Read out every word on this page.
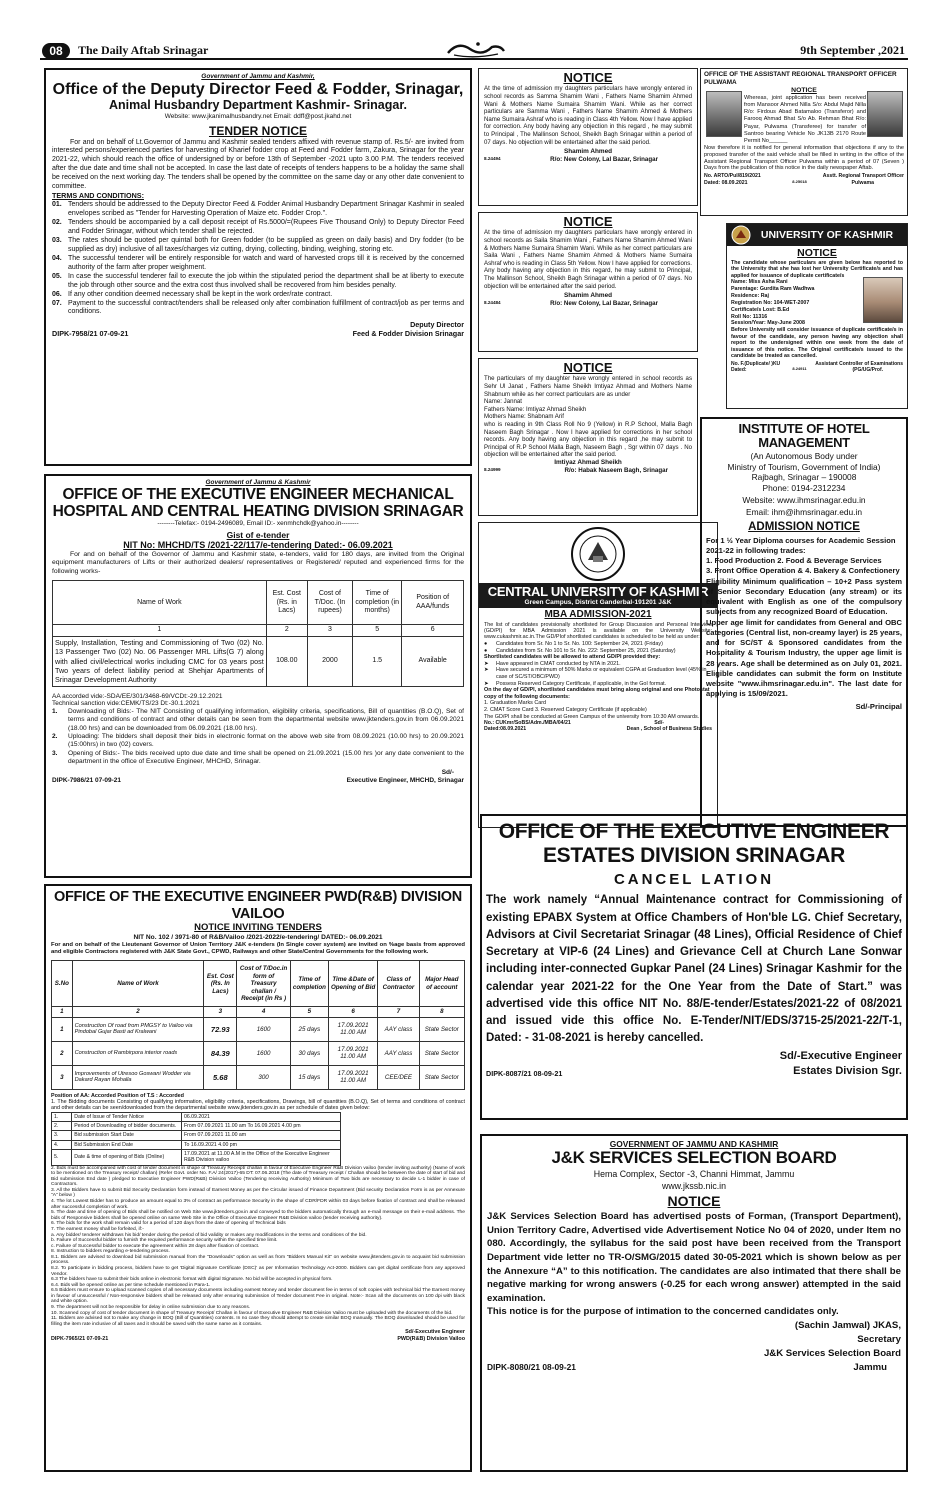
08	The Daily Aftab Srinagar	9th September ,2021
Government of Jammu and Kashmir,
Office of the Deputy Director Feed & Fodder, Srinagar,
Animal Husbandry Department Kashmir- Srinagar.
Website: www.jkanimalhusbandry.net Email: ddff@post.jkahd.net
TENDER NOTICE
For and on behalf of Lt.Governor of Jammu and Kashmir sealed tenders affixed with revenue stamp of. Rs.5/- are invited from interested persons/experienced parties for harvesting of Kharief fodder crop at Feed and Fodder farm, Zakura, Srinagar for the year 2021-22, which should reach the office of undersigned by or before 13th of September -2021 upto 3.00 P.M. The tenders received after the due date and time shall not be accepted. In case the last date of receipts of tenders happens to be a holiday the same shall be received on the next working day. The tenders shall be opened by the committee on the same day or any other date convenient to committee.
TERMS AND CONDITIONS:
01. Tenders should be addressed to the Deputy Director Feed & Fodder Animal Husbandry Department Srinagar Kashmir in sealed envelopes scribed as "Tender for Harvesting Operation of Maize etc. Fodder Crop.".
02. Tenders should be accompanied by a call deposit receipt of Rs.5000/=(Rupees Five Thousand Only) to Deputy Director Feed and Fodder Srinagar, without which tender shall be rejected.
03. The rates should be quoted per quintal both for Green fodder (to be supplied as green on daily basis) and Dry fodder (to be supplied as dry) inclusive of all taxes/charges viz cutting, drying, collecting, binding, weighing, storing etc.
04. The successful tenderer will be entirely responsible for watch and ward of harvested crops till it is received by the concerned authority of the farm after proper weighment.
05. In case the successful tenderer fail to execute the job within the stipulated period the department shall be at liberty to execute the job through other source and the extra cost thus involved shall be recovered from him besides penalty.
06. If any other condition deemed necessary shall be kept in the work order/rate contract.
07. Payment to the successful contract/tenders shall be released only after combination fulfillment of contract/job as per terms and conditions.
Deputy Director
DIPK-7958/21 07-09-21	Feed & Fodder Division Srinagar
Government of Jammu & Kashmir
OFFICE OF THE EXECUTIVE ENGINEER MECHANICAL
HOSPITAL AND CENTRAL HEATING DIVISION SRINAGAR
--------Telefax:- 0194-2496089, Email ID:- xenmhchdk@yahoo.in--------
Gist of e-tender
NIT No: MHCHD/TS /2021-22/117/e-tendering Dated:- 06.09.2021
For and on behalf of the Governor of Jammu and Kashmir state, e-tenders, valid for 180 days, are invited from the Original equipment manufacturers of Lifts or their authorized dealers/ representatives or Registered/ reputed and experienced firms for the following works-
Name of Work	Est. Cost (Rs. in Lacs)	Cost of T/Doc. (In rupees)	Time of completion (in months)	Position of AAA/funds
1	2	3	5	6
Supply, Installation, Testing and Commissioning of Two (02) No. 13 Passenger Two (02) No. 06 Passenger MRL Lifts(G 7) along with allied civil/electrical works including CMC for 03 years post Two years of defect liability period at Shehjar Apartments of Srinagar Development Authority	108.00	2000	1.5	Available
AA accorded vide:-SDA/EE/301/3468-69/VCDt:-29.12.2021
Technical sanction vide:CEMK/TS/23 Dt:-30.1.2021
1.	Downloading of Bids:- The NIT Consisting of qualifying information, eligibility criteria, specifications, Bill of quantities (B.O.Q), Set of terms and conditions of contract and other details can be seen from the departmental website www.jktenders.gov.in from 06.09.2021 (18.00 hrs) and can be downloaded from 06.09.2021 (18.00 hrs).
2.	Uploading: The bidders shall deposit their bids in electronic format on the above web site from 08.09.2021 (10.00 hrs) to 20.09.2021 (15:00hrs) in two (02) covers.
3.	Opening of Bids:- The bids received upto due date and time shall be opened on 21.09.2021 (15.00 hrs )or any date convenient to the department in the office of Executive Engineer, MHCHD, Srinagar.
Sd/-
DIPK-7986/21 07-09-21	Executive Engineer, MHCHD, Srinagar
OFFICE OF THE EXECUTIVE ENGINEER PWD(R&B) DIVISION VAILOO
NOTICE INVITING TENDERS
NIT No. 102 / 3971-80 of R&B/Vailoo /2021-2022/e-tendering/ DATED:- 06.09.2021
For and on behalf of the Lieutenant Governor of Union Territory J&K e-tenders (In Single cover system) are invited on %age basis from approved and eligible Contractors registered with J&K State Govt., CPWD, Railways and other State/Central Governments for the following work.
S.No	Name of Work	Est. Cost (Rs. In Lacs)	Cost of T/Doc.in form of Treasury challan / Receipt (in Rs )	Time of completion	Time &Date of Opening of Bid	Class of Contractor	Major Head of account
1	2	3	4	5	6	7	8
1	Construction Of road from PMGSY to Vailoo via Pindobal Gujar Basti ad Kralwani	72.93	1600	25 days	17.09.2021 11.00 AM	AAY class	State Sector
2	Construction of Rambirpora interior roads	84.39	1600	30 days	17.09.2021 11.00 AM	AAY class	State Sector
3	Improvements of Utresoo Goswani Wodder via Dakard Rayan Mohalla	5.68	300	15 days	17.09.2021 11.00 AM	CEE/DEE	State Sector
Position of AA: Accorded Position of T.S : Accorded
1. The Bidding documents Consisting of qualifying information, eligibility criteria, specifications, Drawings, bill of quantities (B.O.Q), Set of terms and conditions of contract and other details can be seen/downloaded from the departmental website www.jktenders.gov.in as per schedule of dates given below:
1.	Date of Issue of Tender Notice	06.09.2021
2.	Period of Downloading of bidder documents.	From 07.09.2021 11.00 am To 16.09.2021 4.00 pm
3.	Bid submission Start Date	From 07.09.2021 11.00 am
4.	Bid Submission End Date	To 16.09.2021 4.00 pm
5.	Date & time of opening of Bids (Online)	17.09.2021 at 11.00 A.M in the Office of the Executive Engineer R&B Division vailoo
2. Bids must be accompanied with cost of tender document in shape of Treasury Receipt/ challan in favour of Executive Engineer R&B Division vailoo (tender inviting authority) (Name of work to be mentioned on the Treasury receipt/ challan) (Refer Govt. order No. F.A/ 24(2017)-65 DT: 07.06.2018 (The date of Treasury receipt / Challan should be between the date of start of bid and Bid submission End date ) pledged to Executive Engineer PWD(R&B) Division Vailoo (Tendering receiving Authority) Minimum of Two bids are necessary to decide L-1 bidder in case of Contractors.
3. All the Bidders have to submit Bid Security Declaration form instead of Earnest Money as per the Circular issued of Finance Department (Bid security Declaration Form is as per Annexure "A" below )
4. The lot Lowest Bidder has to produce an amount equal to 3% of contract as performance Security in the shape of CDR/FDR within 03 days before fixation of contract and shall be released after successful completion of work.
5. The date and time of opening of Bids shall be notified on Web Site www.jktenders.gov.in and conveyed to the bidders automatically through an e-mail message on their e-mail address. The bids of Responsive bidders shall be opened online on same Web Site in the Office of Executive Engineer R&B Division vailoo (tender receiving authority).
6. The bids for the work shall remain valid for a period of 120 days from the date of opening of Technical bids
7. The earnest money shall be forfeited, if:-
a. Any bidder/ tenderer withdraws his bid/ tender during the period of bid validity or makes any modifications in the terms and conditions of the bid.
b. Failure of Successful bidder to furnish the required performance security within the specified time limit.
c. Failure of Successful bidder to execute the agreement within 28 days after fixation of contract.
8. Instruction to bidders regarding e-tendering process.
8.1. Bidders are advised to download bid submission manual from the "Downloads" option as well as from "Bidders Manual Kit" on website www.jktenders.gov.in to acquaint bid submission process.
8.2. To participate in bidding process, bidders have to get 'Digital Signature Certificate (DSC)' as per Information Technology Act-2000. Bidders can get digital certificate from any approved Vendor.
6.3 The bidders have to submit their bids online in electronic format with digital Signature. No bid will be accepted in physical form.
6.4. Bids will be opened online as per time schedule mentioned in Para-1.
6.5 Bidders must ensure to upload scanned copies of all necessary documents including earnest Money and tender document fee in terms of soft copies with technical bid The Earnest money in favour of unsuccessful / Non-responsive bidders shall be released only after ensuring submission of Tender document Fee in original. Note:- Scan all the documents on 100 dpi with black and white option.
9. The department will not be responsible for delay in online submission due to any reasons.
10. Scanned copy of cost of tender document in shape of Treasury Receipt/ Challan in favour of Executive Engineer R&B Division Vailoo must be uploaded with the documents of the bid.
11. Bidders are advised not to make any change in BOQ (Bill of Quantities) contents. In no case they should attempt to create similar BOQ manually. The BOQ downloaded should be used for filling the item rate inclusive of all taxes and it should be saved with the same name as it contains.
Sd/-Executive Engineer
DIPK-7965/21 07-09-21	PWD(R&B) Division Vailoo
NOTICE
At the time of admission my daughters particulars have wrongly entered in school records as Samma Shamim Wani , Fathers Name Shamim Ahmed Wani & Mothers Name Sumaira Shamim Wani. While as her correct particulars are Samma Wani , Fathers Name Shamim Ahmed & Mothers Name Sumaira Ashraf who is reading in Class 4th Yellow. Now I have applied for correction. Any body having any objection in this regard , he may submit to Principal , The Mallinson School, Sheikh Bagh Srinagar within a period of 07 days. No objection will be entertained after the said period.
Shamim Ahmed
8.24494	R/o: New Colony, Lal Bazar, Srinagar
NOTICE
At the time of admission my daughters particulars have wrongly entered in school records as Saila Shamim Wani , Fathers Name Shamim Ahmed Wani & Mothers Name Sumaira Shamim Wani. While as her correct particulars are Saila Wani , Fathers Name Shamim Ahmed & Mothers Name Sumaira Ashraf who is reading in Class 5th Yellow. Now I have applied for corrections. Any body having any objection in this regard, he may submit to Principal, The Mallinson School, Sheikh Bagh Srinagar within a period of 07 days. No objection will be entertained after the said period.
Shamim Ahmed
8.24484	R/o: New Colony, Lal Bazar, Srinagar
NOTICE
The particulars of my daughter have wrongly entered in school records as Sehr Ul Janat , Fathers Name Sheikh Imtiyaz Ahmad and Mothers Name Shabnum while as her correct particulars are as under
Name: Jannat
Fathers Name: Imtiyaz Ahmad Sheikh
Mothers Name: Shabnam Arif
who is reading in 9th Class Roll No 9 (Yellow) in R.P School, Malla Bagh Naseem Bagh Srinagar . Now I have applied for corrections in her school records. Any body having any objection in this regard ,he may submit to Principal of R.P School Malla Bagh, Naseem Bagh , Sgr within 07 days . No objection will be entertained after the said period.
Imtiyaz Ahmad Sheikh
8.24999	R/o: Habak Naseem Bagh, Srinagar
CENTRAL UNIVERSITY OF KASHMIR
Green Campus, District Ganderbal-191201 J&K
MBA ADMISSION-2021
The list of candidates provisionally shortlisted for Group Discussion and Personal Interview (GD/PI) for MBA Admission 2021 is available on the University Website: www.cukashmir.ac.in.The GD/PIof shortlisted candidates is scheduled to be held as under:
●	Candidates from Sr. No 1 to Sr. No. 100: September 24, 2021 (Friday)
●	Candidates from Sr. No 101 to Sr. No. 222: September 25, 2021 (Saturday)
Shortlisted candidates will be allowed to attend GD/PI provided they:
➤	Have appeared in CMAT conducted by NTA in 2021.
➤	Have secured a minimum of 50% Marks or equivalent CGPA at Graduation level (45% in case of SC/ST/OBC/PWD)
➤	Possess Reserved Category Certificate, if applicable, in the GoI format.
On the day of GD/PI, shortlisted candidates must bring along original and one Photostat copy of the following documents:
1. Graduation Marks Card
2. CMAT Score Card 3. Reserved Category Certificate (if applicable)
The GD/PI shall be conducted at Green Campus of the university from 10:30 AM onwards.
No.: CUKmr/SoBS/Adm./MBA/04/21	Sd/-
Dated:08.09.2021	Dean , School of Business Studies
OFFICE OF THE ASSISTANT REGIONAL TRANSPORT OFFICER PULWAMA
NOTICE
Whereas, joint application has been received from Mansoor Ahmed Nilla S/o: Abdul Majid Nilla R/o: Firdous Abad Batamaloo (Transferor) and Farooq Ahmad Bhat S/o Ab. Rehman Bhat R/o: Payar, Pulwama (Transferee) for transfer of Santroo bearing Vehicle No JK13B 2170 Route Permit No______
Now therefore it is notified for general information that objections if any to the proposed transfer of the said vehicle shall be filled in writing in the office of the Assistant Regional Transport Officer Pulwama within a period of 07 (Seven ) Days from the publication of this notice in the daily newspaper Aftab.
No. ARTO/Pul/819/2021	Asstt. Regional Transport Officer
Dated: 08.09.2021	8.25018	Pulwama
UNIVERSITY OF KASHMIR
NOTICE
The candidate whose particulars are given below has reported to the University that she has lost her University Certificate/s and has applied for issuance of duplicate certificate/s
Name: Miss Asha Rani
Parentage: Gurdita Ram Wadhwa
Residence: Raj
Registration No: 104-WET-2007
Certificate/s Lost: B.Ed
Roll No: 11316
Session/Year: May-June 2008
Before University will consider issuance of duplicate certificate/s in favour of the candidate, any person having any objection shall report to the undersigned within one week from the date of issuance of this notice. The Original certificate/s issued to the candidate be treated as cancelled.
No. F.(Duplicate/ )KU	Assistant Controller of Examinations
Dated:	8.24911	(PG/UG/Prof.
INSTITUTE OF HOTEL MANAGEMENT
(An Autonomous Body under
Ministry of Tourism, Government of India)
Rajbagh, Srinagar – 190008
Phone: 0194-2312234
Website: www.ihmsrinagar.edu.in
Email: ihm@ihmsrinagar.edu.in
ADMISSION NOTICE
For 1 ½ Year Diploma courses for Academic Session 2021-22 in following trades:
1. Food Production 2. Food & Beverage Services
3. Front Office Operation & 4. Bakery & Confectionery
Eligibility Minimum qualification – 10+2 Pass system of Senior Secondary Education (any stream) or its equivalent with English as one of the compulsory subjects from any recognized Board of Education.
Upper age limit for candidates from General and OBC categories (Central list, non-creamy layer) is 25 years, and for SC/ST & Sponsored candidates from the Hospitality & Tourism Industry, the upper age limit is 28 years. Age shall be determined as on July 01, 2021. Eligible candidates can submit the form on Institute website "www.ihmsrinagar.edu.in". The last date for applying is 15/09/2021.
Sd/-Principal
OFFICE OF THE EXECUTIVE ENGINEER
ESTATES DIVISION SRINAGAR
CANCEL LATION
The work namely “Annual Maintenance contract for Commissioning of existing EPABX System at Office Chambers of Hon'ble LG. Chief Secretary, Advisors at Civil Secretariat Srinagar (48 Lines), Official Residence of Chief Secretary at VIP-6 (24 Lines) and Grievance Cell at Church Lane Sonwar including inter-connected Gupkar Panel (24 Lines) Srinagar Kashmir for the calendar year 2021-22 for the One Year from the Date of Start.” was advertised vide this office NIT No. 88/E-tender/Estates/2021-22 of 08/2021 and issued vide this office No. E-Tender/NIT/EDS/3715-25/2021-22/T-1, Dated: - 31-08-2021 is hereby cancelled.
Sd/-Executive Engineer
DIPK-8087/21 08-09-21	Estates Division Sgr.
GOVERNMENT OF JAMMU AND KASHMIR
J&K SERVICES SELECTION BOARD
Hema Complex, Sector -3, Channi Himmat, Jammu
www.jkssb.nic.in
NOTICE
J&K Services Selection Board has advertised posts of Forman, (Transport Department), Union Territory Cadre, Advertised vide Advertisement Notice No 04 of 2020, under Item no 080. Accordingly, the syllabus for the said post have been received from the Transport Department vide letter no TR-O/SMG/2015 dated 30-05-2021 which is shown below as per the Annexure “A” to this notification. The candidates are also intimated that there shall be negative marking for wrong answers (-0.25 for each wrong answer) attempted in the said examination.
This notice is for the purpose of intimation to the concerned candidates only.
(Sachin Jamwal) JKAS,
Secretary
J&K Services Selection Board
DIPK-8080/21 08-09-21	Jammu
